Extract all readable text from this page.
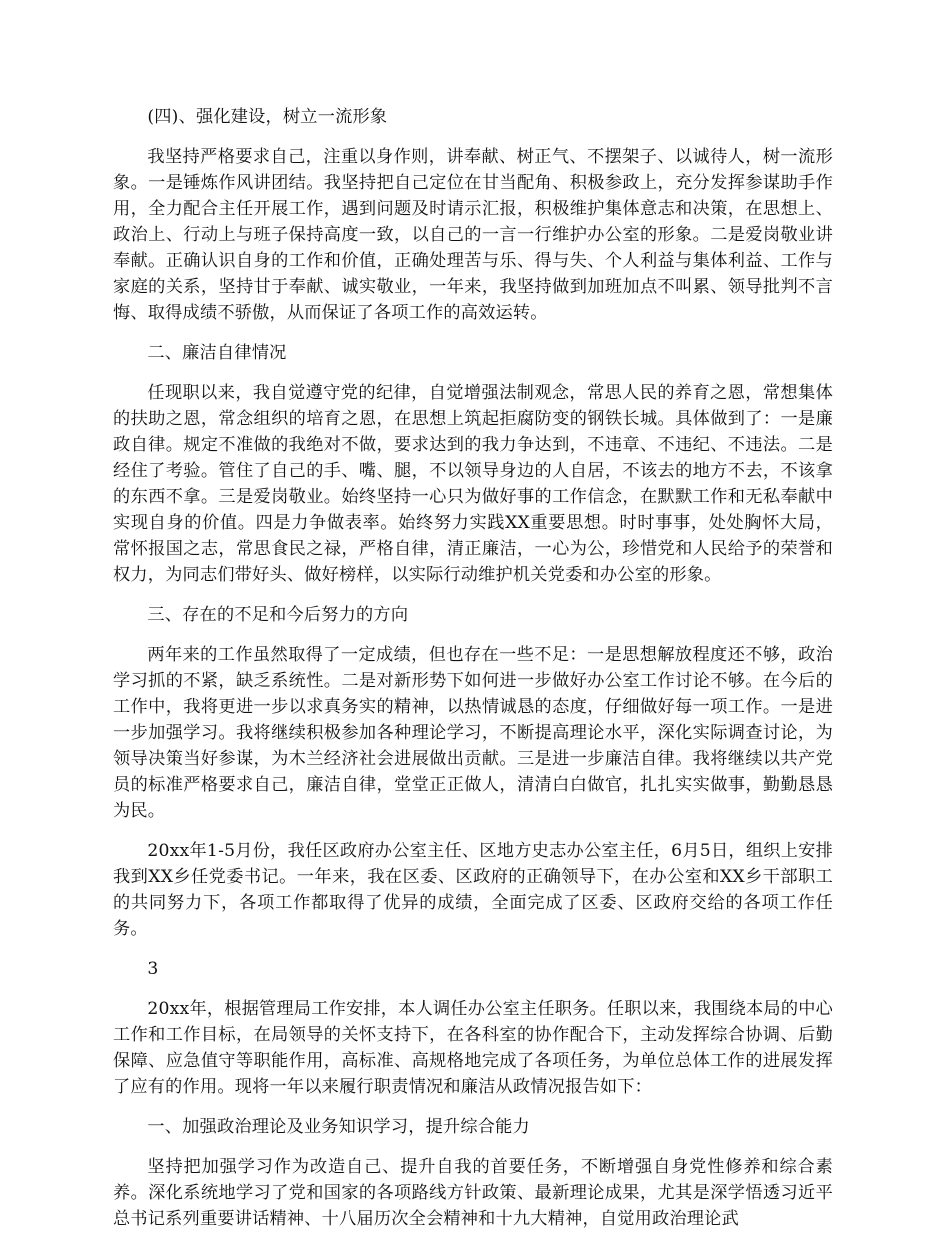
(四)、强化建设，树立一流形象

我坚持严格要求自己，注重以身作则，讲奉献、树正气、不摆架子、以诚待人，树一流形象。一是锤炼作风讲团结。我坚持把自己定位在甘当配角、积极参政上，充分发挥参谋助手作用，全力配合主任开展工作，遇到问题及时请示汇报，积极维护集体意志和决策，在思想上、政治上、行动上与班子保持高度一致，以自己的一言一行维护办公室的形象。二是爱岗敬业讲奉献。正确认识自身的工作和价值，正确处理苦与乐、得与失、个人利益与集体利益、工作与家庭的关系，坚持甘于奉献、诚实敬业，一年来，我坚持做到加班加点不叫累、领导批判不言悔、取得成绩不骄傲，从而保证了各项工作的高效运转。

二、廉洁自律情况

任现职以来，我自觉遵守党的纪律，自觉增强法制观念，常思人民的养育之恩，常想集体的扶助之恩，常念组织的培育之恩，在思想上筑起拒腐防变的钢铁长城。具体做到了：一是廉政自律。规定不准做的我绝对不做，要求达到的我力争达到，不违章、不违纪、不违法。二是经住了考验。管住了自己的手、嘴、腿，不以领导身边的人自居，不该去的地方不去，不该拿的东西不拿。三是爱岗敬业。始终坚持一心只为做好事的工作信念，在默默工作和无私奉献中实现自身的价值。四是力争做表率。始终努力实践XX重要思想。时时事事，处处胸怀大局，常怀报国之志，常思食民之禄，严格自律，清正廉洁，一心为公，珍惜党和人民给予的荣誉和权力，为同志们带好头、做好榜样，以实际行动维护机关党委和办公室的形象。

三、存在的不足和今后努力的方向

两年来的工作虽然取得了一定成绩，但也存在一些不足：一是思想解放程度还不够，政治学习抓的不紧，缺乏系统性。二是对新形势下如何进一步做好办公室工作讨论不够。在今后的工作中，我将更进一步以求真务实的精神，以热情诚恳的态度，仔细做好每一项工作。一是进一步加强学习。我将继续积极参加各种理论学习，不断提高理论水平，深化实际调查讨论，为领导决策当好参谋，为木兰经济社会进展做出贡献。三是进一步廉洁自律。我将继续以共产党员的标准严格要求自己，廉洁自律，堂堂正正做人，清清白白做官，扎扎实实做事，勤勤恳恳为民。

20xx年1-5月份，我任区政府办公室主任、区地方史志办公室主任，6月5日，组织上安排我到XX乡任党委书记。一年来，我在区委、区政府的正确领导下，在办公室和XX乡干部职工的共同努力下，各项工作都取得了优异的成绩，全面完成了区委、区政府交给的各项工作任务。

3

20xx年，根据管理局工作安排，本人调任办公室主任职务。任职以来，我围绕本局的中心工作和工作目标，在局领导的关怀支持下，在各科室的协作配合下，主动发挥综合协调、后勤保障、应急值守等职能作用，高标准、高规格地完成了各项任务，为单位总体工作的进展发挥了应有的作用。现将一年以来履行职责情况和廉洁从政情况报告如下：

一、加强政治理论及业务知识学习，提升综合能力

坚持把加强学习作为改造自己、提升自我的首要任务，不断增强自身党性修养和综合素养。深化系统地学习了党和国家的各项路线方针政策、最新理论成果，尤其是深学悟透习近平总书记系列重要讲话精神、十八届历次全会精神和十九大精神，自觉用政治理论武
